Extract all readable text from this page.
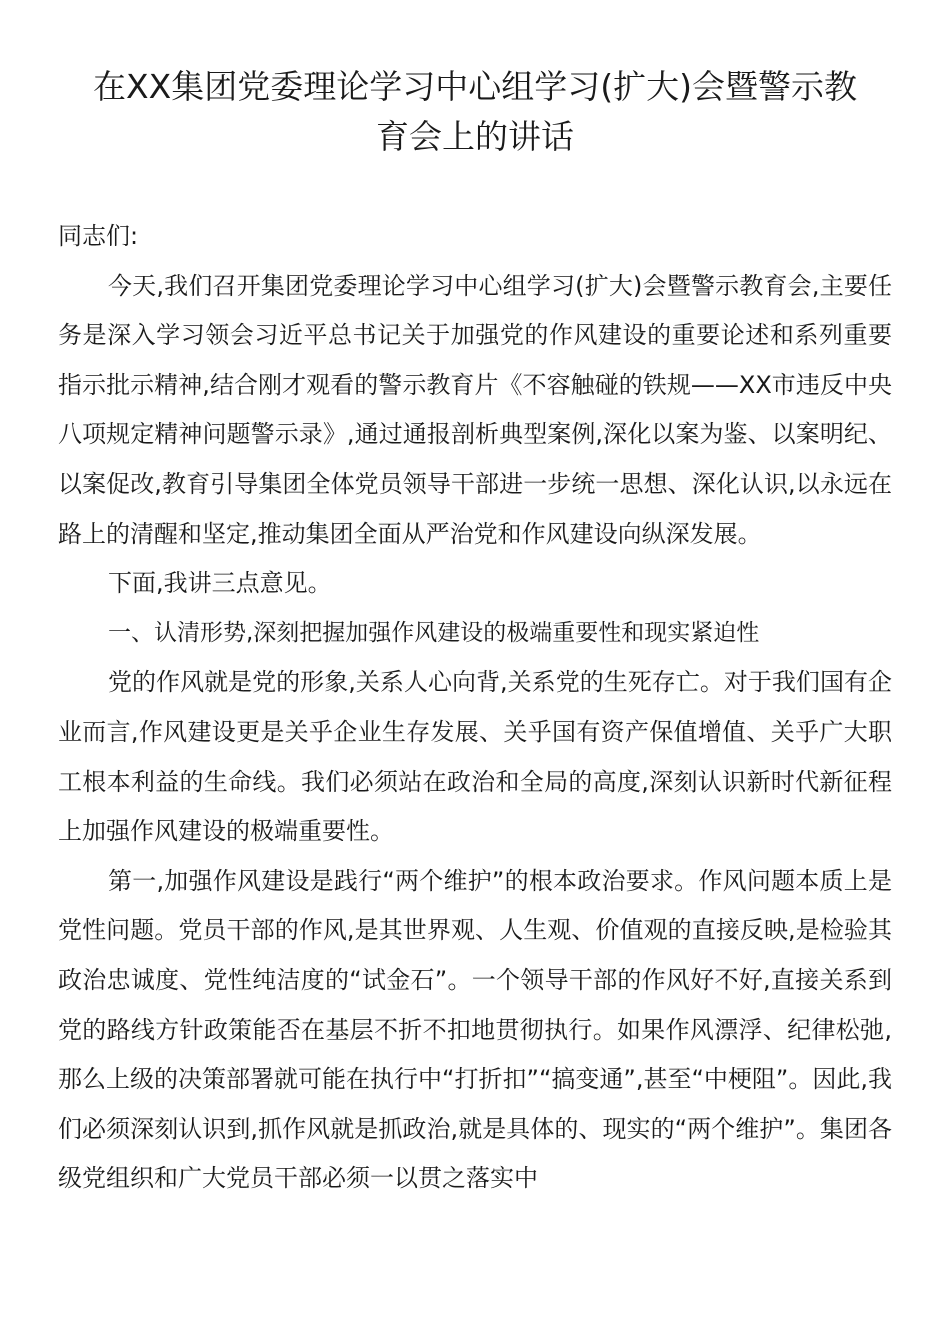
在XX集团党委理论学习中心组学习(扩大)会暨警示教
育会上的讲话

同志们:

今天,我们召开集团党委理论学习中心组学习(扩大)会暨警示教育会,主要任务是深入学习领会习近平总书记关于加强党的作风建设的重要论述和系列重要指示批示精神,结合刚才观看的警示教育片《不容触碰的铁规——XX市违反中央八项规定精神问题警示录》,通过通报剖析典型案例,深化以案为鉴、以案明纪、以案促改,教育引导集团全体党员领导干部进一步统一思想、深化认识,以永远在路上的清醒和坚定,推动集团全面从严治党和作风建设向纵深发展。

下面,我讲三点意见。

一、认清形势,深刻把握加强作风建设的极端重要性和现实紧迫性

党的作风就是党的形象,关系人心向背,关系党的生死存亡。对于我们国有企业而言,作风建设更是关乎企业生存发展、关乎国有资产保值增值、关乎广大职工根本利益的生命线。我们必须站在政治和全局的高度,深刻认识新时代新征程上加强作风建设的极端重要性。

第一,加强作风建设是践行“两个维护”的根本政治要求。作风问题本质上是党性问题。党员干部的作风,是其世界观、人生观、价值观的直接反映,是检验其政治忠诚度、党性纯洁度的“试金石”。一个领导干部的作风好不好,直接关系到党的路线方针政策能否在基层不折不扣地贯彻执行。如果作风漂浮、纪律松弛,那么上级的决策部署就可能在执行中“打折扣”“搞变通”,甚至“中梗阻”。因此,我们必须深刻认识到,抓作风就是抓政治,就是具体的、现实的“两个维护”。集团各级党组织和广大党员干部必须一以贯之落实中
